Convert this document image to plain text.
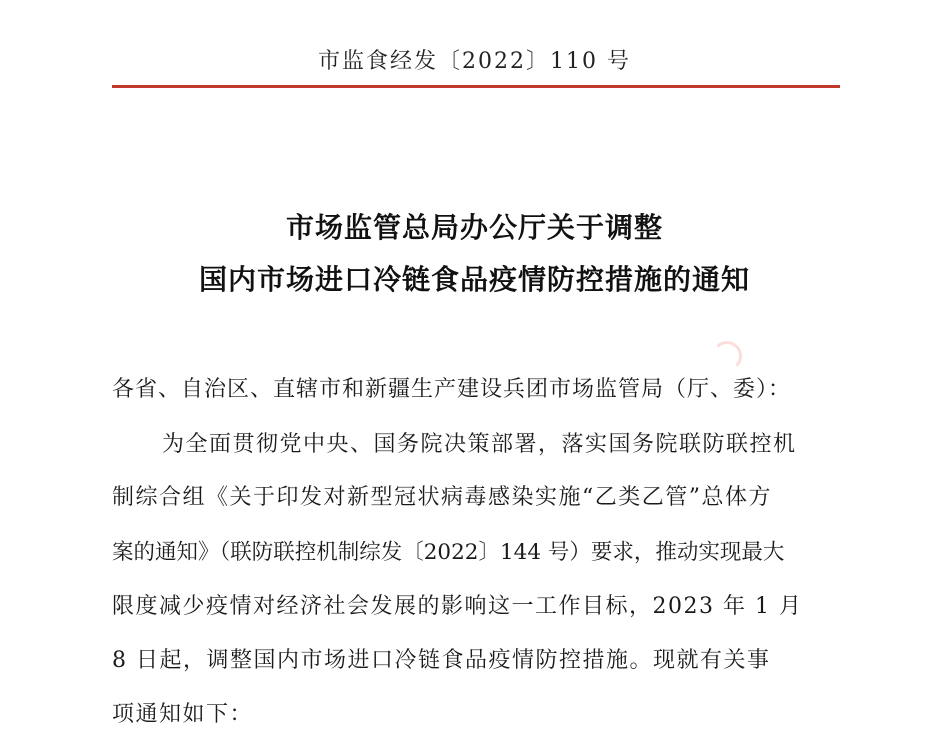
市监食经发〔2022〕110 号
市场监管总局办公厅关于调整
国内市场进口冷链食品疫情防控措施的通知
各省、自治区、直辖市和新疆生产建设兵团市场监管局（厅、委）：
为全面贯彻党中央、国务院决策部署，落实国务院联防联控机
制综合组《关于印发对新型冠状病毒感染实施“乙类乙管”总体方
案的通知》（联防联控机制综发〔2022〕144 号）要求，推动实现最大
限度减少疫情对经济社会发展的影响这一工作目标，2023 年 1 月
8 日起，调整国内市场进口冷链食品疫情防控措施。现就有关事
项通知如下：
